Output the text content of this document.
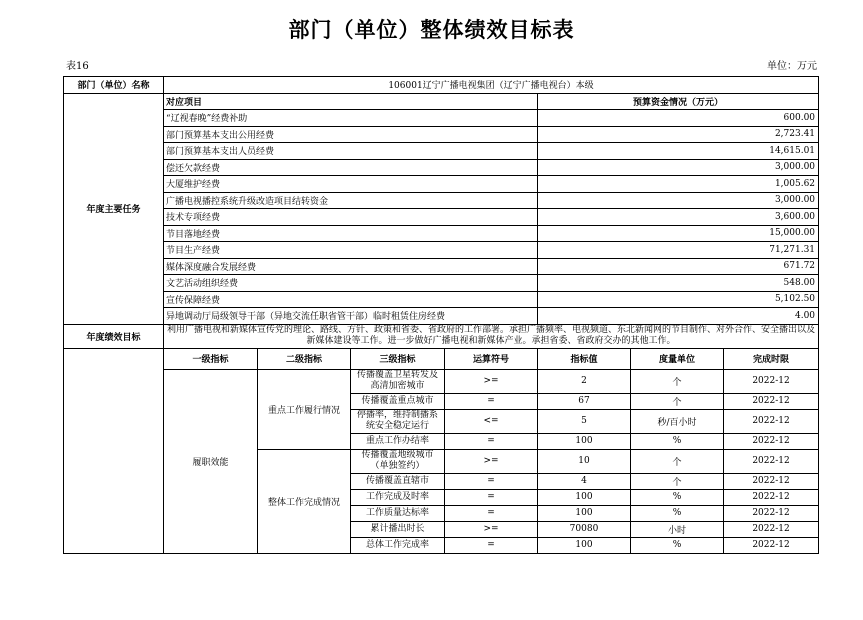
部门（单位）整体绩效目标表
表16	单位：万元
部门（单位）名称	106001辽宁广播电视集团（辽宁广播电视台）本级						
年度主要任务	对应项目				预算资金情况（万元）		
	“辽视春晚”经费补助				600.00		
	部门预算基本支出公用经费				2,723.41		
	部门预算基本支出人员经费				14,615.01		
	偿还欠款经费				3,000.00		
	大厦维护经费				1,005.62		
	广播电视播控系统升级改造项目结转资金				3,000.00		
	技术专项经费				3,600.00		
	节目落地经费				15,000.00		
	节目生产经费				71,271.31		
	媒体深度融合发展经费				671.72		
	文艺活动组织经费				548.00		
	宣传保障经费				5,102.50		
	异地调动厅局级领导干部（异地交流任职省管干部）临时租赁住房经费				4.00		
年度绩效目标	利用广播电视和新媒体宣传党的理论、路线、方针、政策和省委、省政府的工作部署。承担广播频率、电视频道、东北新闻网的节目制作、对外合作、安全播出以及新媒体建设等工作。进一步做好广播电视和新媒体产业。承担省委、省政府交办的其他工作。						
	一级指标	二级指标	三级指标	运算符号	指标值	度量单位	完成时限
	履职效能	重点工作履行情况	传播覆盖卫星转发及高清加密城市	>=	2	个	2022-12
			传播覆盖重点城市	=	67	个	2022-12
			停播率，维持制播系统安全稳定运行	<=	5	秒/百小时	2022-12
			重点工作办结率	=	100	%	2022-12
		整体工作完成情况	传播覆盖地级城市（单独签约）	>=	10	个	2022-12
			传播覆盖直辖市	=	4	个	2022-12
			工作完成及时率	=	100	%	2022-12
			工作质量达标率	=	100	%	2022-12
			累计播出时长	>=	70080	小时	2022-12
			总体工作完成率	=	100	%	2022-12
